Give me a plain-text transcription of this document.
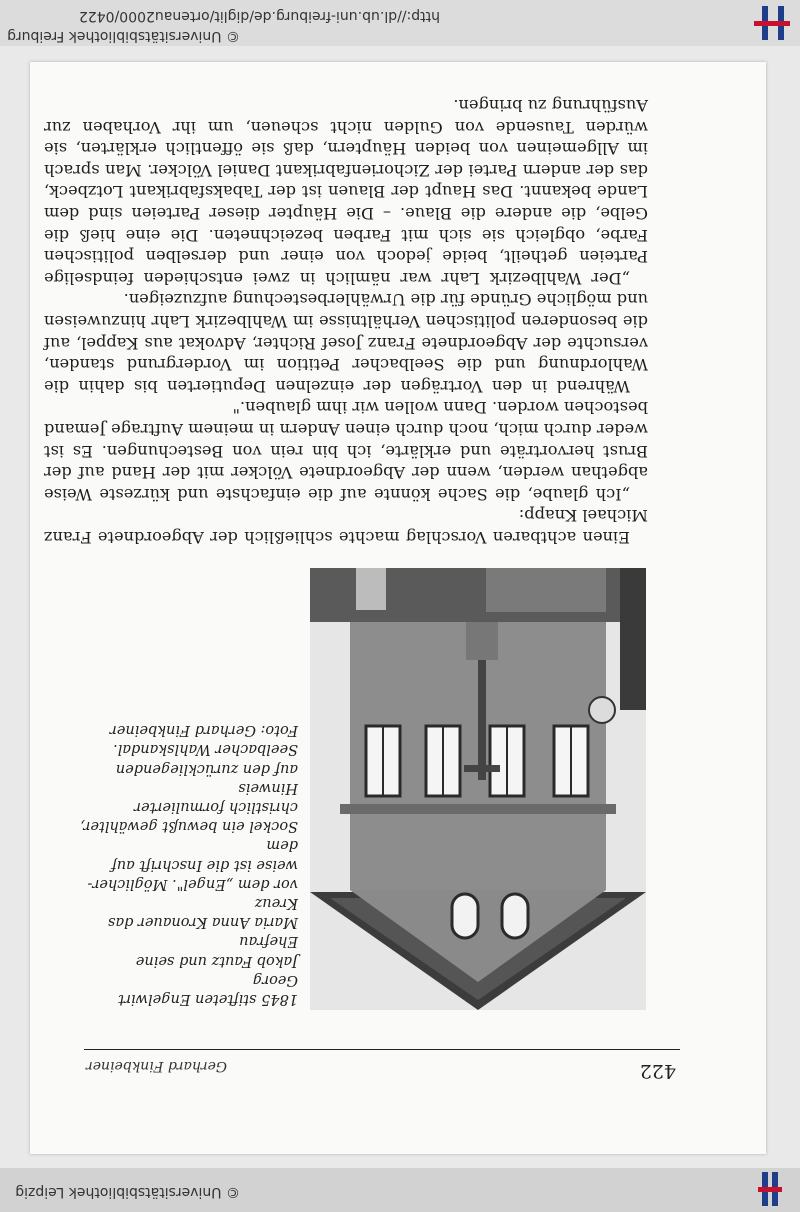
© Universitätsbibliothek Leipzig
422
Gerhard Finkbeiner

1845 stifteten Engelwirt Georg

Jakob Fautz und seine Ehefrau

Maria Anna Kronauer das Kreuz

vor dem „Engel". Möglicher-

weise ist die Inschrift auf dem

Sockel ein bewußt gewählter,

christlich formulierter Hinweis

auf den zurückliegenden

Seelbacher Wahlskandal.

Foto: Gerhard Finkbeiner

Einen achtbaren Vorschlag machte schließlich der Abgeordnete Franz Michael Knapp:

„Ich glaube, die Sache könnte auf die einfachste und kürzeste Weise abgethan werden, wenn der Abgeordnete Völcker mit der Hand auf der Brust hervorträte und erklärte, ich bin rein von Bestechungen. Es ist weder durch mich, noch durch einen Andern in meinem Auftrage Jemand bestochen worden. Dann wollen wir ihm glauben."

Während in den Vorträgen der einzelnen Deputierten bis dahin die Wahlordnung und die Seelbacher Petition im Vordergrund standen, versuchte der Abgeordnete Franz Josef Richter, Advokat aus Kappel, auf die besonderen politischen Verhältnisse im Wahlbezirk Lahr hinzuweisen und mögliche Gründe für die Urwählerbestechung aufzuzeigen.

„Der Wahlbezirk Lahr war nämlich in zwei entschieden feindselige Parteien getheilt, beide jedoch von einer und derselben politischen Farbe, obgleich sie sich mit Farben bezeichneten. Die eine hieß die Gelbe, die andere die Blaue. – Die Häupter dieser Parteien sind dem Lande bekannt. Das Haupt der Blauen ist der Tabaksfabrikant Lotzbeck, das der andern Partei der Zichorienfabrikant Daniel Völcker. Man sprach im Allgemeinen von beiden Häuptern, daß sie öffentlich erklärten, sie würden Tausende von Gulden nicht scheuen, um ihr Vorhaben zur Ausführung zu bringen.

http://dl.ub.uni-freiburg.de/diglit/ortenau2000/0422
© Universitätsbibliothek Freiburg
